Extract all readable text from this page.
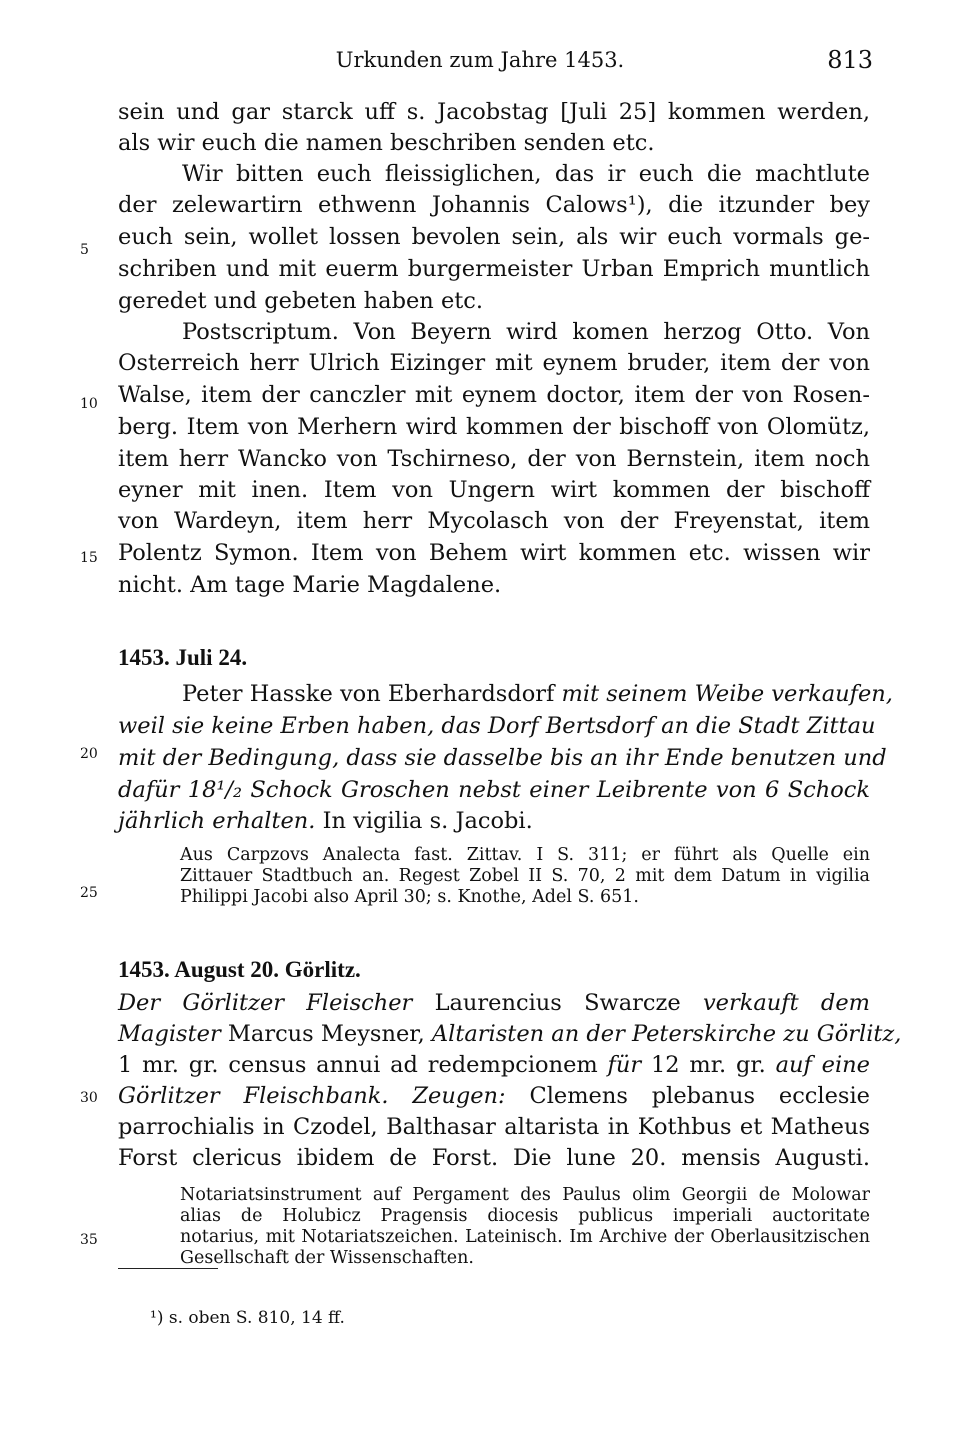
Urkunden zum Jahre 1453.	813
5
10
15
20
25
30
35
sein und gar starck uff s. Jacobstag [Juli 25] kommen werden,
als wir euch die namen beschriben senden etc.
Wir bitten euch fleissiglichen, das ir euch die machtlute
der zelewartirn ethwenn Johannis Calows¹), die itzunder bey
euch sein, wollet lossen bevolen sein, als wir euch vormals ge-
schriben und mit euerm burgermeister Urban Emprich muntlich
geredet und gebeten haben etc.
Postscriptum. Von Beyern wird komen herzog Otto. Von
Osterreich herr Ulrich Eizinger mit eynem bruder, item der von
Walse, item der canczler mit eynem doctor, item der von Rosen-
berg. Item von Merhern wird kommen der bischoff von Olomütz,
item herr Wancko von Tschirneso, der von Bernstein, item noch
eyner mit inen. Item von Ungern wirt kommen der bischoff
von Wardeyn, item herr Mycolasch von der Freyenstat, item
Polentz Symon. Item von Behem wirt kommen etc. wissen wir
nicht. Am tage Marie Magdalene.
1453. Juli 24.
Peter Hasske von Eberhardsdorf mit seinem Weibe verkaufen,
weil sie keine Erben haben, das Dorf Bertsdorf an die Stadt Zittau
mit der Bedingung, dass sie dasselbe bis an ihr Ende benutzen und
dafür 18¹/₂ Schock Groschen nebst einer Leibrente von 6 Schock
jährlich erhalten. In vigilia s. Jacobi.
Aus Carpzovs Analecta fast. Zittav. I S. 311; er führt als Quelle ein
Zittauer Stadtbuch an. Regest Zobel II S. 70, 2 mit dem Datum in vigilia
Philippi Jacobi also April 30; s. Knothe, Adel S. 651.
1453. August 20. Görlitz.
Der Görlitzer Fleischer Laurencius Swarcze verkauft dem
Magister Marcus Meysner, Altaristen an der Peterskirche zu Görlitz,
1 mr. gr. census annui ad redempcionem für 12 mr. gr. auf eine
Görlitzer Fleischbank. Zeugen: Clemens plebanus ecclesie
parrochialis in Czodel, Balthasar altarista in Kothbus et Matheus
Forst clericus ibidem de Forst. Die lune 20. mensis Augusti.
Notariatsinstrument auf Pergament des Paulus olim Georgii de Molowar
alias de Holubicz Pragensis diocesis publicus imperiali auctoritate
notarius, mit Notariatszeichen. Lateinisch. Im Archive der Oberlausitzischen
Gesellschaft der Wissenschaften.
¹) s. oben S. 810, 14 ff.
